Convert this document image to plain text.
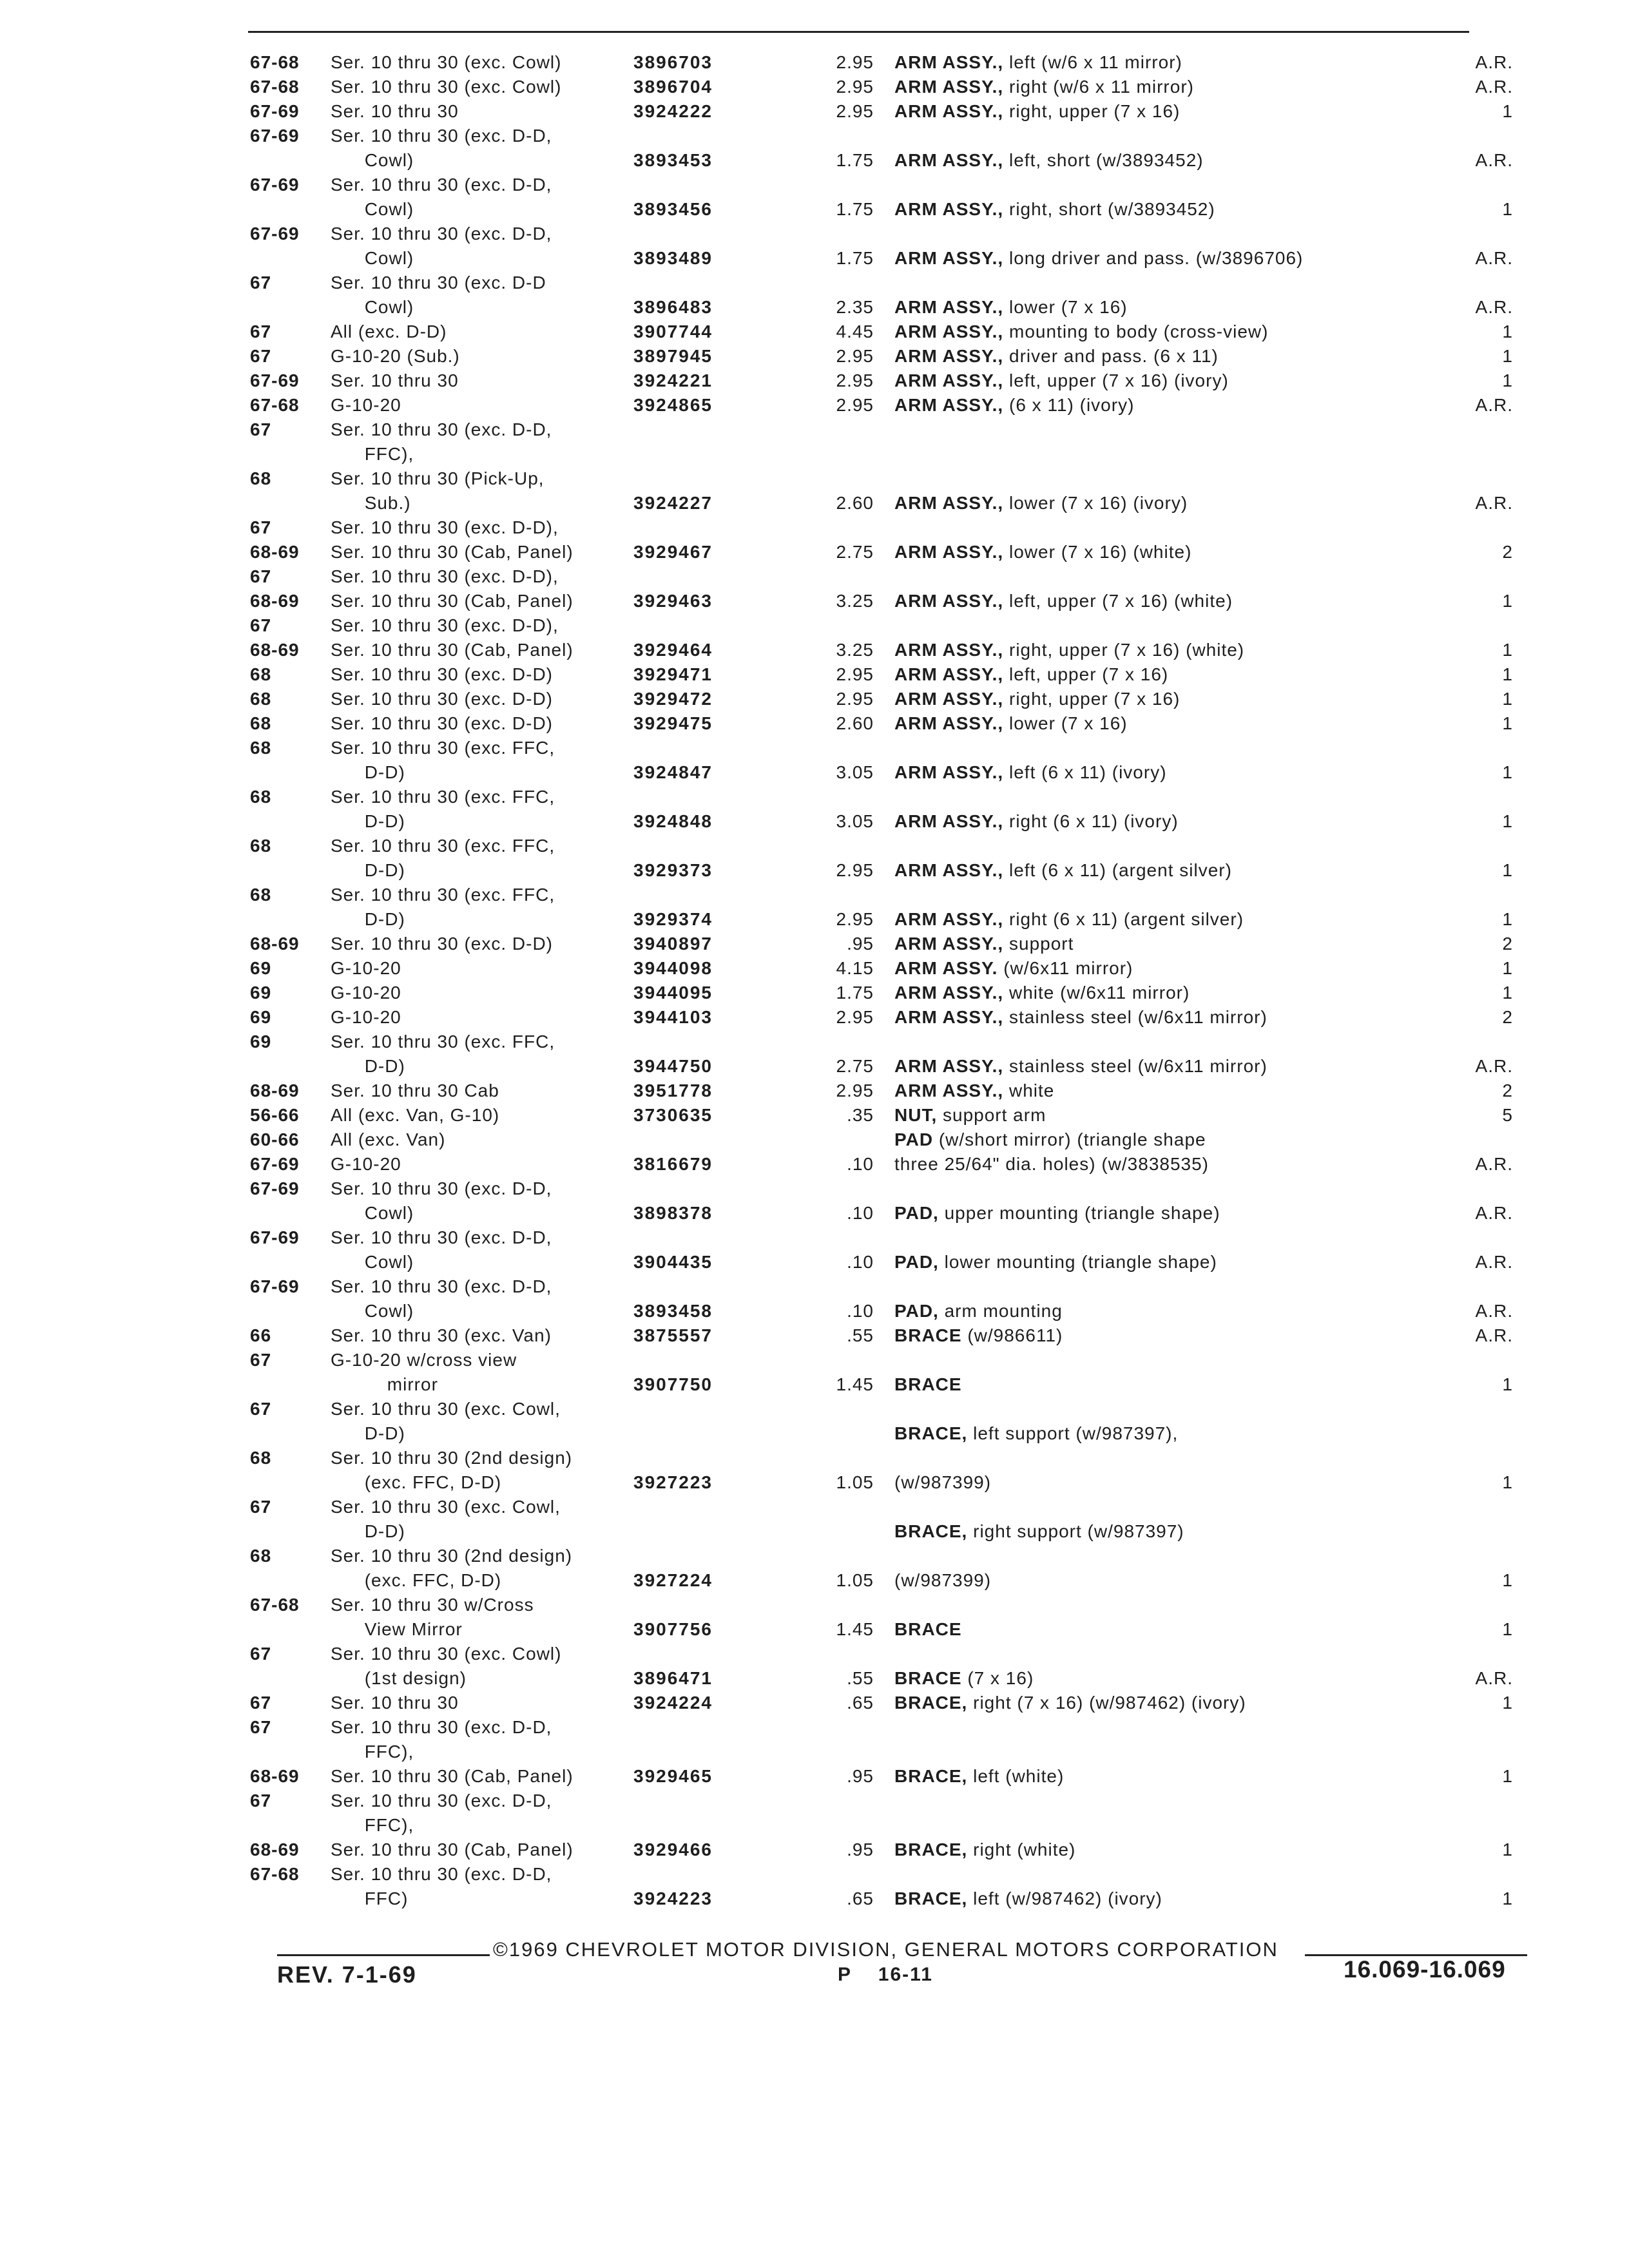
67-68 Ser. 10 thru 30 (exc. Cowl)	3896703	2.95 ARM ASSY., left (w/6 x 11 mirror)	A.R.
67-68 Ser. 10 thru 30 (exc. Cowl)	3896704	2.95 ARM ASSY., right (w/6 x 11 mirror)	A.R.
67-69 Ser. 10 thru 30	3924222	2.95 ARM ASSY., right, upper (7 x 16)	1
67-69 Ser. 10 thru 30 (exc. D-D,
Cowl)	3893453	1.75 ARM ASSY., left, short (w/3893452)	A.R.
67-69 Ser. 10 thru 30 (exc. D-D,
Cowl)	3893456	1.75 ARM ASSY., right, short (w/3893452)	1
67-69 Ser. 10 thru 30 (exc. D-D,
Cowl)	3893489	1.75 ARM ASSY., long driver and pass. (w/3896706)	A.R.
67	Ser. 10 thru 30 (exc. D-D
Cowl)	3896483	2.35 ARM ASSY., lower (7 x 16)	A.R.
67	All (exc. D-D)	3907744	4.45 ARM ASSY., mounting to body (cross-view)	1
67	G-10-20 (Sub.)	3897945	2.95 ARM ASSY., driver and pass. (6 x 11)	1
67-69 Ser. 10 thru 30	3924221	2.95 ARM ASSY., left, upper (7 x 16) (ivory)	1
67-68 G-10-20	3924865	2.95 ARM ASSY., (6 x 11) (ivory)	A.R.
67	Ser. 10 thru 30 (exc. D-D,
FFC),
68	Ser. 10 thru 30 (Pick-Up,
Sub.)	3924227	2.60 ARM ASSY., lower (7 x 16) (ivory)	A.R.
67	Ser. 10 thru 30 (exc. D-D),
68-69 Ser. 10 thru 30 (Cab, Panel)	3929467	2.75 ARM ASSY., lower (7 x 16) (white)	2
67	Ser. 10 thru 30 (exc. D-D),
68-69 Ser. 10 thru 30 (Cab, Panel)	3929463	3.25 ARM ASSY., left, upper (7 x 16) (white)	1
67	Ser. 10 thru 30 (exc. D-D),
68-69 Ser. 10 thru 30 (Cab, Panel)	3929464	3.25 ARM ASSY., right, upper (7 x 16) (white)	1
68	Ser. 10 thru 30 (exc. D-D)	3929471	2.95 ARM ASSY., left, upper (7 x 16)	1
68	Ser. 10 thru 30 (exc. D-D)	3929472	2.95 ARM ASSY., right, upper (7 x 16)	1
68	Ser. 10 thru 30 (exc. D-D)	3929475	2.60 ARM ASSY., lower (7 x 16)	1
68	Ser. 10 thru 30 (exc. FFC,
D-D)	3924847	3.05 ARM ASSY., left (6 x 11) (ivory)	1
68	Ser. 10 thru 30 (exc. FFC,
D-D)	3924848	3.05 ARM ASSY., right (6 x 11) (ivory)	1
68	Ser. 10 thru 30 (exc. FFC,
D-D)	3929373	2.95 ARM ASSY., left (6 x 11) (argent silver)	1
68	Ser. 10 thru 30 (exc. FFC,
D-D)	3929374	2.95 ARM ASSY., right (6 x 11) (argent silver)	1
68-69 Ser. 10 thru 30 (exc. D-D)	3940897	.95 ARM ASSY., support	2
69	G-10-20	3944098	4.15 ARM ASSY. (w/6x11 mirror)	1
69	G-10-20	3944095	1.75 ARM ASSY., white (w/6x11 mirror)	1
69	G-10-20	3944103	2.95 ARM ASSY., stainless steel (w/6x11 mirror)	2
69	Ser. 10 thru 30 (exc. FFC,
D-D)	3944750	2.75 ARM ASSY., stainless steel (w/6x11 mirror)	A.R.
68-69 Ser. 10 thru 30 Cab	3951778	2.95 ARM ASSY., white	2
56-66 All (exc. Van, G-10)	3730635	.35 NUT, support arm	5
60-66 All (exc. Van)	PAD (w/short mirror) (triangle shape
67-69 G-10-20	3816679	.10 three 25/64" dia. holes) (w/3838535)	A.R.
67-69 Ser. 10 thru 30 (exc. D-D,
Cowl)	3898378	.10 PAD, upper mounting (triangle shape)	A.R.
67-69 Ser. 10 thru 30 (exc. D-D,
Cowl)	3904435	.10 PAD, lower mounting (triangle shape)	A.R.
67-69 Ser. 10 thru 30 (exc. D-D,
Cowl)	3893458	.10 PAD, arm mounting	A.R.
66	Ser. 10 thru 30 (exc. Van)	3875557	.55 BRACE (w/986611)	A.R.
67	G-10-20 w/cross view
mirror	3907750	1.45 BRACE	1
67	Ser. 10 thru 30 (exc. Cowl,
D-D)	BRACE, left support (w/987397),
68	Ser. 10 thru 30 (2nd design)
(exc. FFC, D-D)	3927223	1.05 (w/987399)	1
67	Ser. 10 thru 30 (exc. Cowl,
D-D)	BRACE, right support (w/987397)
68	Ser. 10 thru 30 (2nd design)
(exc. FFC, D-D)	3927224	1.05 (w/987399)	1
67-68 Ser. 10 thru 30 w/Cross
View Mirror	3907756	1.45 BRACE	1
67	Ser. 10 thru 30 (exc. Cowl)
(1st design)	3896471	.55 BRACE (7 x 16)	A.R.
67	Ser. 10 thru 30	3924224	.65 BRACE, right (7 x 16) (w/987462) (ivory)	1
67	Ser. 10 thru 30 (exc. D-D,
FFC),
68-69 Ser. 10 thru 30 (Cab, Panel)	3929465	.95 BRACE, left (white)	1
67	Ser. 10 thru 30 (exc. D-D,
FFC),
68-69 Ser. 10 thru 30 (Cab, Panel)	3929466	.95 BRACE, right (white)	1
67-68 Ser. 10 thru 30 (exc. D-D,
FFC)	3924223	.65 BRACE, left (w/987462) (ivory)	1
©1969 CHEVROLET MOTOR DIVISION, GENERAL MOTORS CORPORATION
REV. 7-1-69	P    16-11	16.069-16.069
